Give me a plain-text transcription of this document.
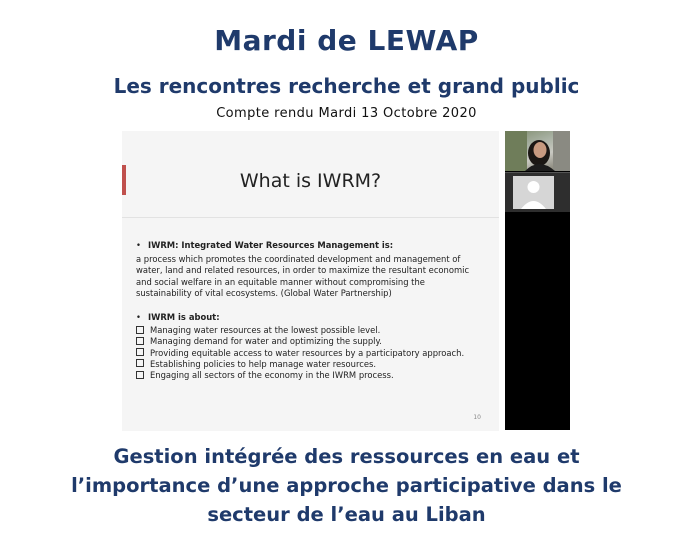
Mardi de LEWAP
Les rencontres recherche et grand public
Compte rendu Mardi 13 Octobre 2020
What is IWRM?
• IWRM: Integrated Water Resources Management is:
a process which promotes the coordinated development and management of
water, land and related resources, in order to maximize the resultant economic
and social welfare in an equitable manner without compromising the
sustainability of vital ecosystems. (Global Water Partnership)
• IWRM is about:
Managing water resources at the lowest possible level.
Managing demand for water and optimizing the supply.
Providing equitable access to water resources by a participatory approach.
Establishing policies to help manage water resources.
Engaging all sectors of the economy in the IWRM process.
10
Gestion intégrée des ressources en eau et
l’importance d’une approche participative dans le
secteur de l’eau au Liban
